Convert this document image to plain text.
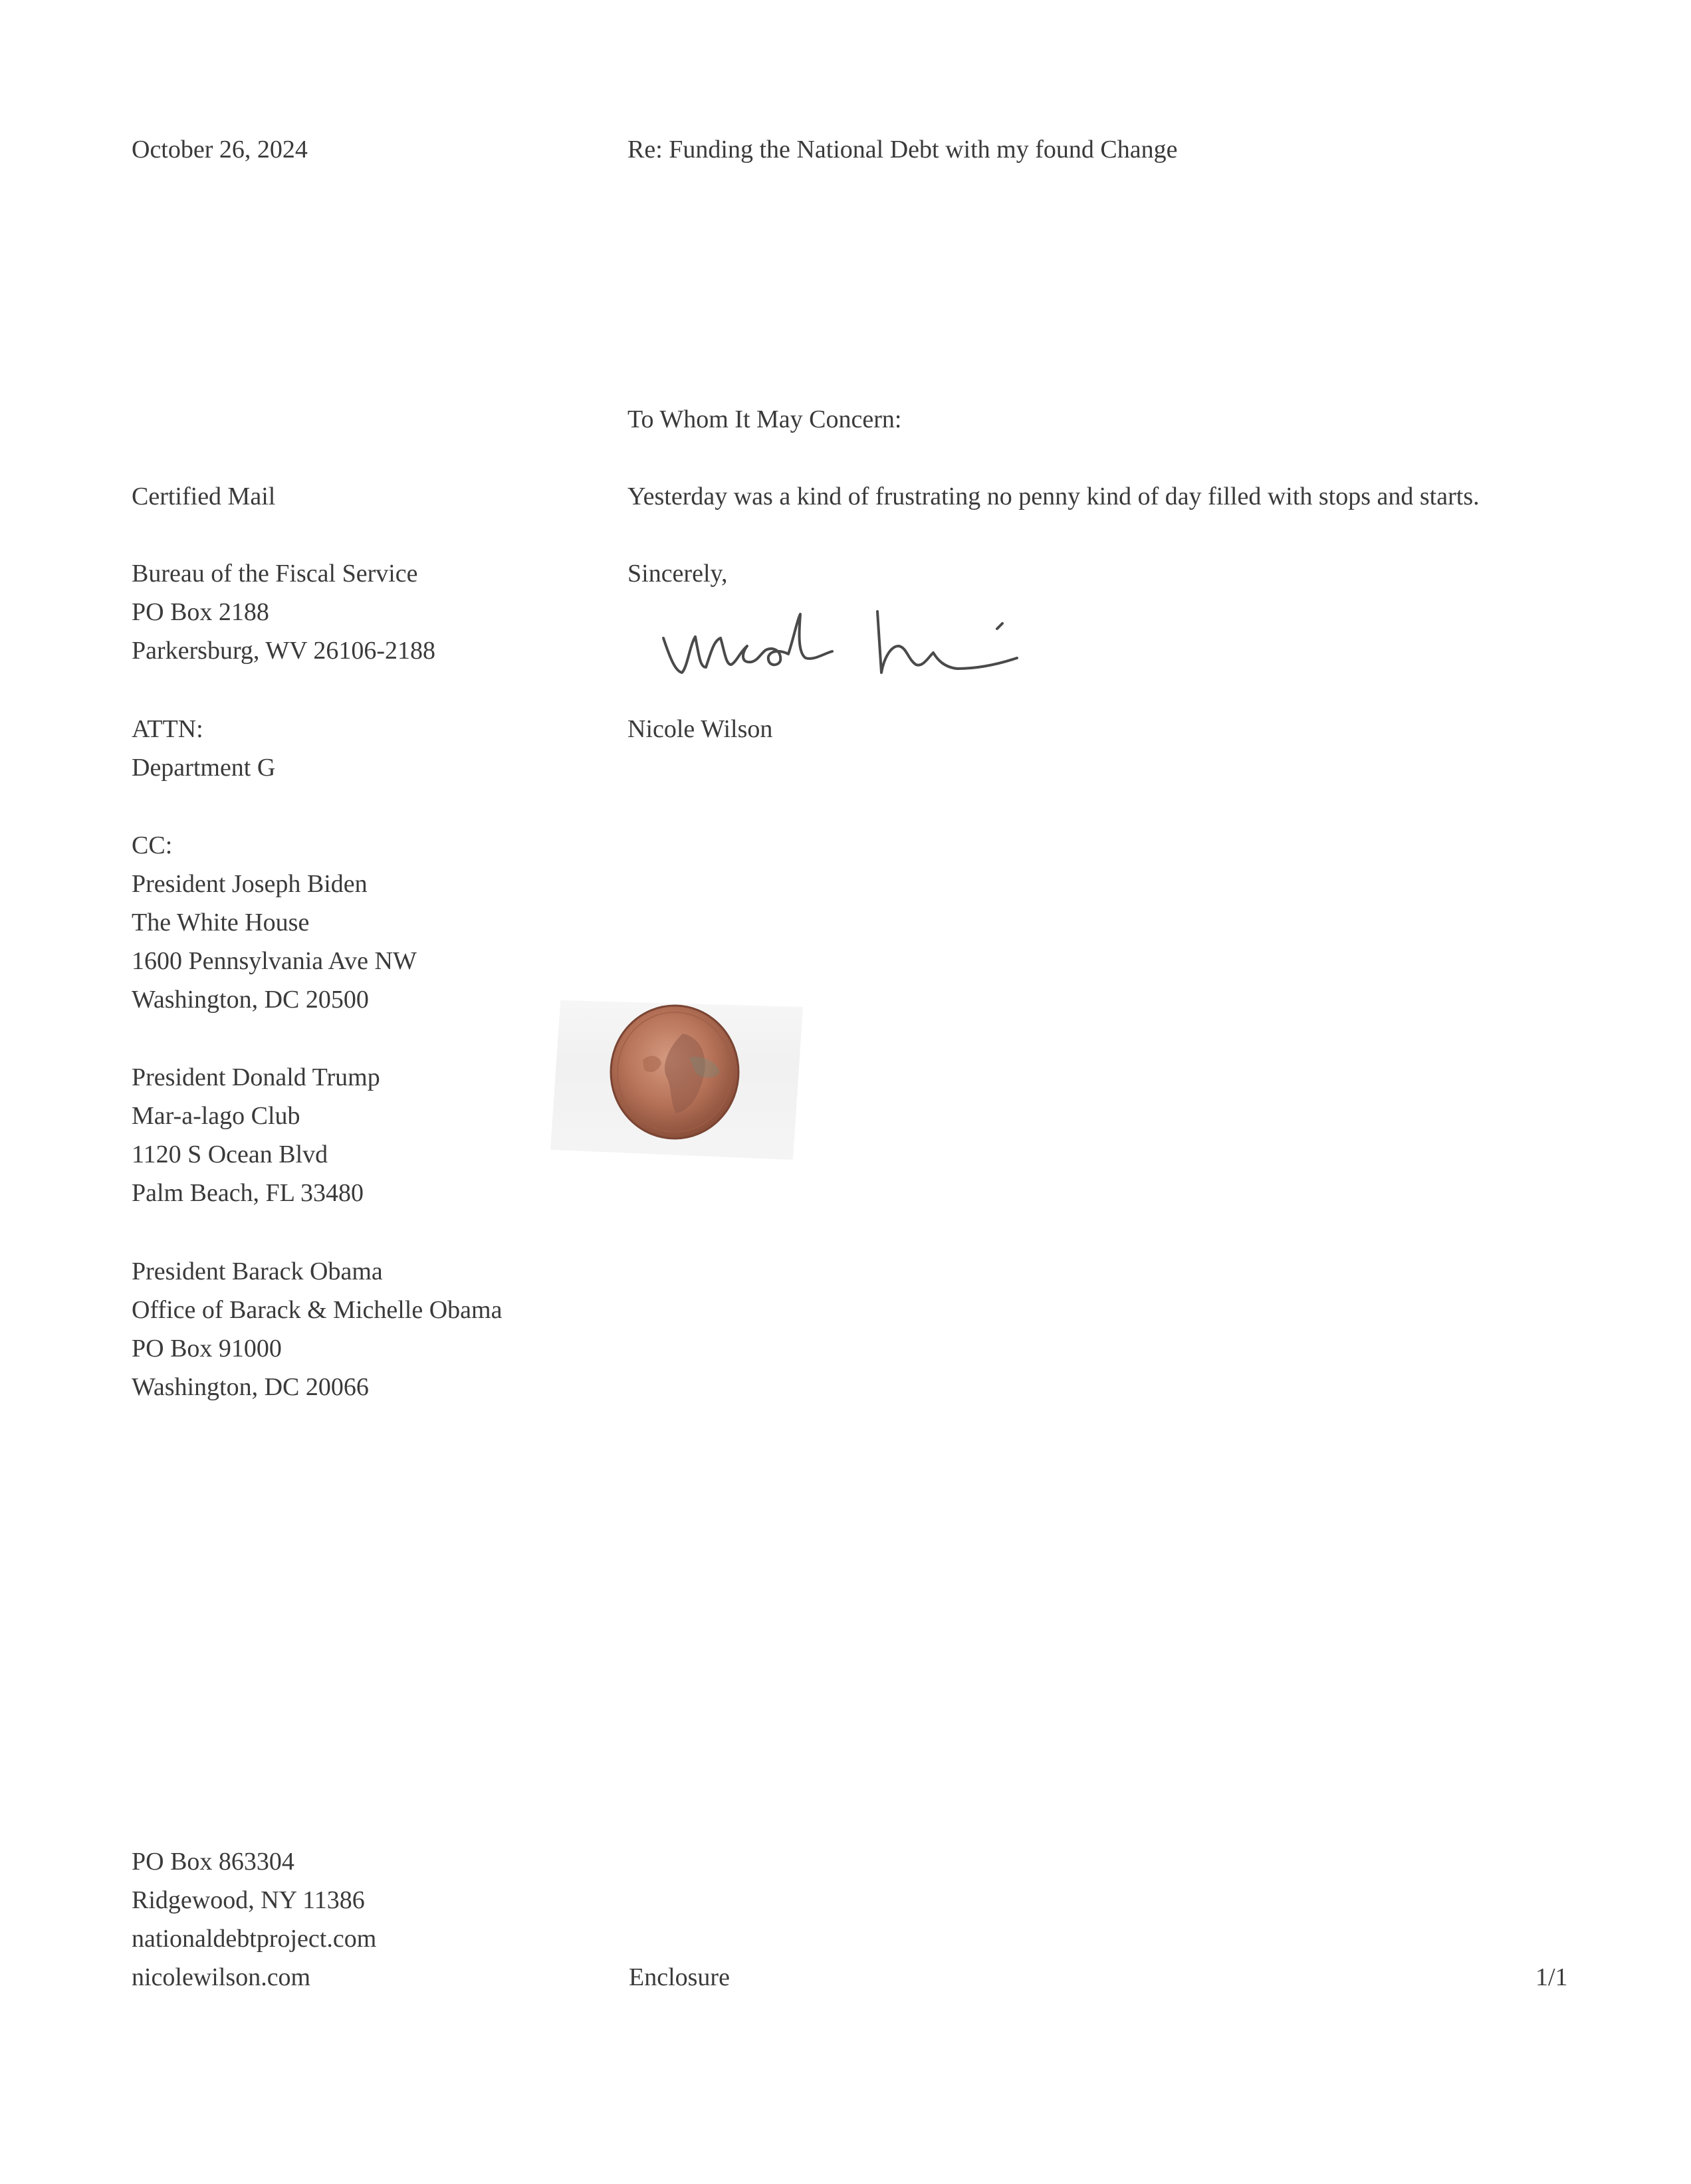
October 26, 2024	Re: Funding the National Debt with my found Change
To Whom It May Concern:
Yesterday was a kind of frustrating no penny kind of day filled with stops and starts.
Sincerely,
Nicole Wilson
Certified Mail
Bureau of the Fiscal Service
PO Box 2188
Parkersburg, WV 26106-2188
ATTN:
Department G
CC:
President Joseph Biden
The White House
1600 Pennsylvania Ave NW
Washington, DC 20500
President Donald Trump
Mar-a-lago Club
1120 S Ocean Blvd
Palm Beach, FL 33480
President Barack Obama
Office of Barack & Michelle Obama
PO Box 91000
Washington, DC 20066
PO Box 863304
Ridgewood, NY 11386
nationaldebtproject.com
nicolewilson.com	Enclosure	1/1
